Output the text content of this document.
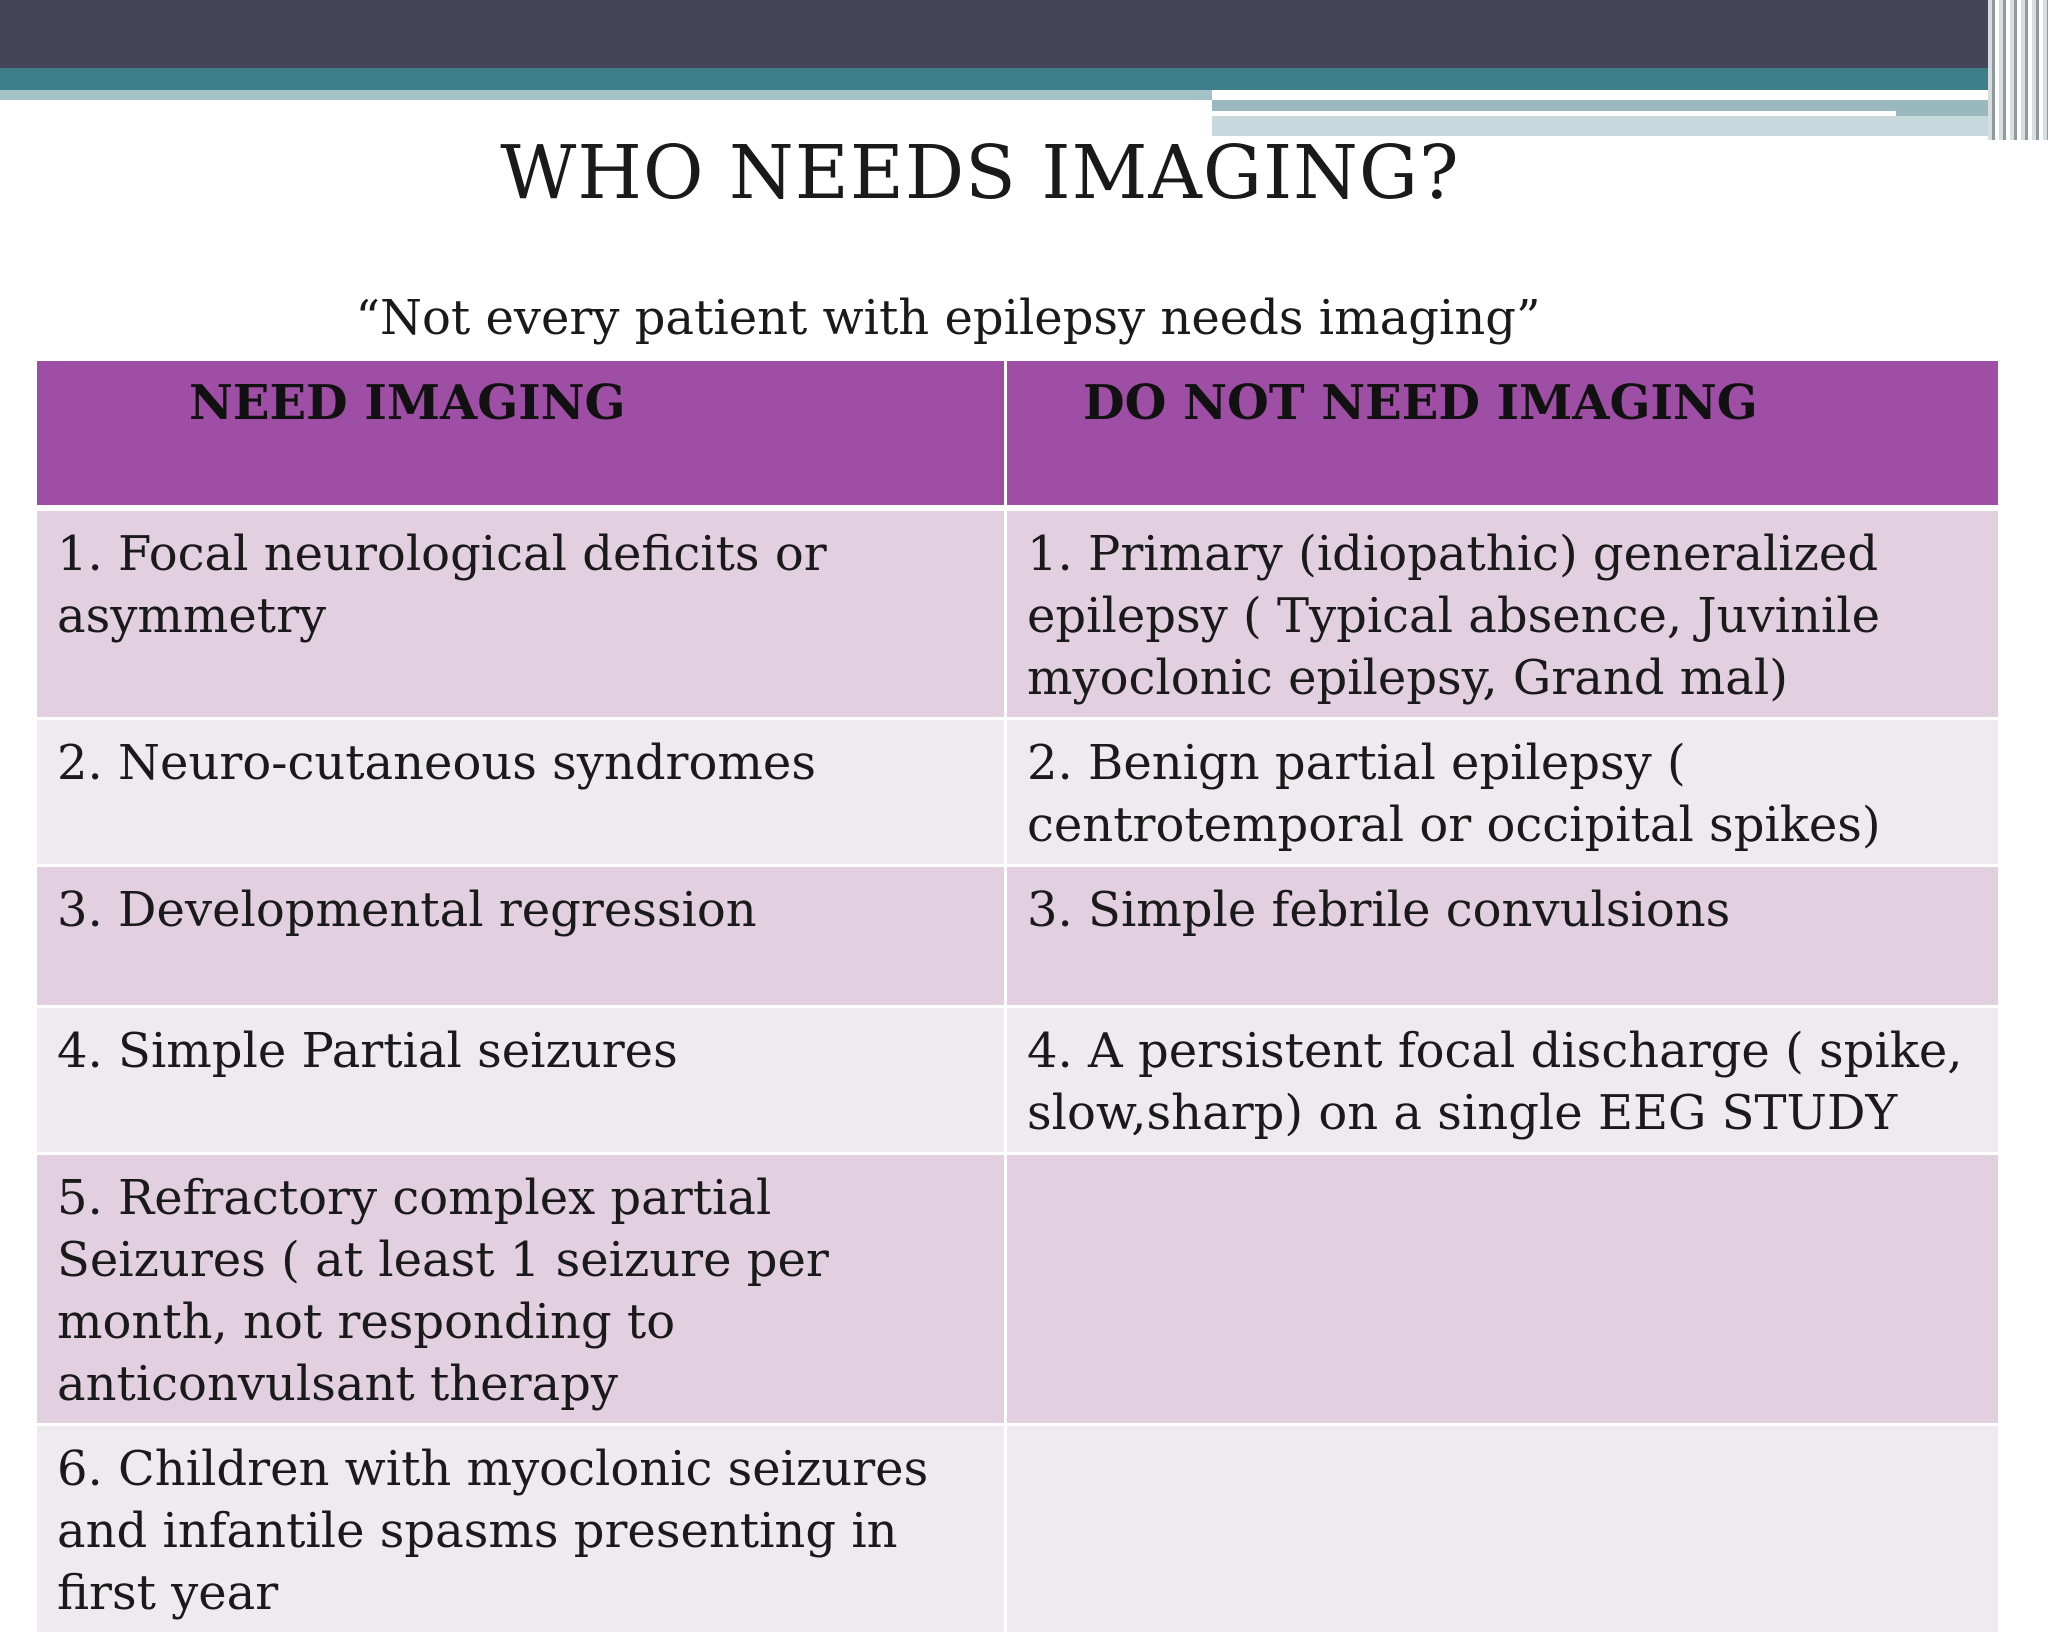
WHO NEEDS IMAGING?

“Not every patient with epilepsy needs imaging”

NEED IMAGING	DO NOT NEED IMAGING
1. Focal neurological deficits or asymmetry	1. Primary (idiopathic) generalized epilepsy ( Typical absence, Juvinile myoclonic epilepsy, Grand mal)
2. Neuro-cutaneous syndromes	2. Benign partial epilepsy ( centrotemporal or occipital spikes)
3. Developmental regression	3. Simple febrile convulsions
4. Simple Partial seizures	4. A persistent focal discharge ( spike, slow,sharp) on a single EEG STUDY
5. Refractory complex partial Seizures ( at least 1 seizure per month, not responding to anticonvulsant therapy	
6. Children with myoclonic seizures and infantile spasms presenting in first year	
